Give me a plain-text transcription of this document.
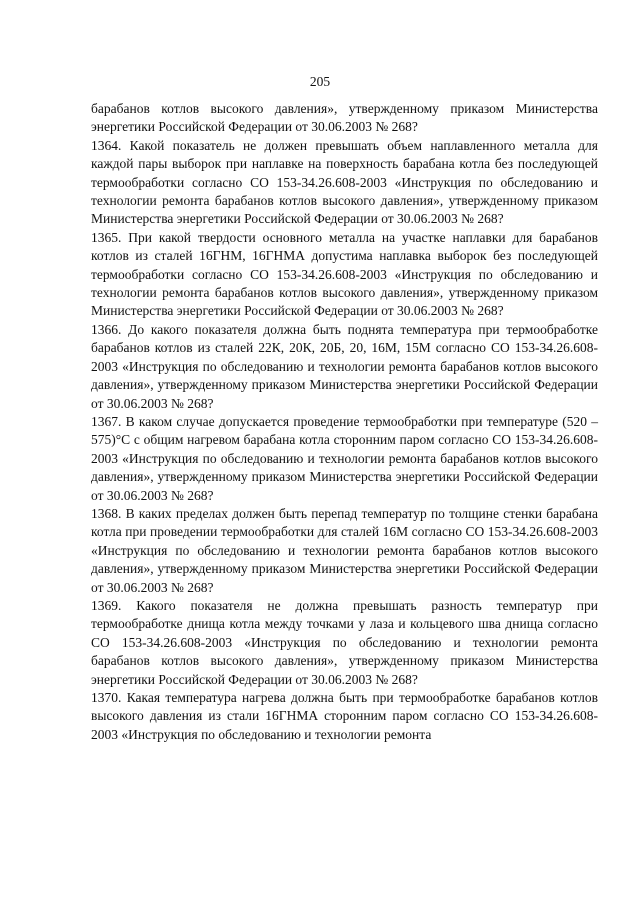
205

барабанов котлов высокого давления», утвержденному приказом Министерства энергетики Российской Федерации от 30.06.2003 № 268?

1364. Какой показатель не должен превышать объем наплавленного металла для каждой пары выборок при наплавке на поверхность барабана котла без последующей термообработки согласно СО 153-34.26.608-2003 «Инструкция по обследованию и технологии ремонта барабанов котлов высокого давления», утвержденному приказом Министерства энергетики Российской Федерации от 30.06.2003 № 268?

1365. При какой твердости основного металла на участке наплавки для барабанов котлов из сталей 16ГНМ, 16ГНМА допустима наплавка выборок без последующей термообработки согласно СО 153-34.26.608-2003 «Инструкция по обследованию и технологии ремонта барабанов котлов высокого давления», утвержденному приказом Министерства энергетики Российской Федерации от 30.06.2003 № 268?

1366. До какого показателя должна быть поднята температура при термообработке барабанов котлов из сталей 22К, 20К, 20Б, 20, 16М, 15М согласно СО 153-34.26.608-2003 «Инструкция по обследованию и технологии ремонта барабанов котлов высокого давления», утвержденному приказом Министерства энергетики Российской Федерации от 30.06.2003 № 268?

1367. В каком случае допускается проведение термообработки при температуре (520 – 575)°С с общим нагревом барабана котла сторонним паром согласно СО 153-34.26.608-2003 «Инструкция по обследованию и технологии ремонта барабанов котлов высокого давления», утвержденному приказом Министерства энергетики Российской Федерации от 30.06.2003 № 268?

1368. В каких пределах должен быть перепад температур по толщине стенки барабана котла при проведении термообработки для сталей 16М согласно СО 153-34.26.608-2003 «Инструкция по обследованию и технологии ремонта барабанов котлов высокого давления», утвержденному приказом Министерства энергетики Российской Федерации от 30.06.2003 № 268?

1369. Какого показателя не должна превышать разность температур при термообработке днища котла между точками у лаза и кольцевого шва днища согласно СО 153-34.26.608-2003 «Инструкция по обследованию и технологии ремонта барабанов котлов высокого давления», утвержденному приказом Министерства энергетики Российской Федерации от 30.06.2003 № 268?

1370. Какая температура нагрева должна быть при термообработке барабанов котлов высокого давления из стали 16ГНМА сторонним паром согласно СО 153-34.26.608-2003 «Инструкция по обследованию и технологии ремонта
